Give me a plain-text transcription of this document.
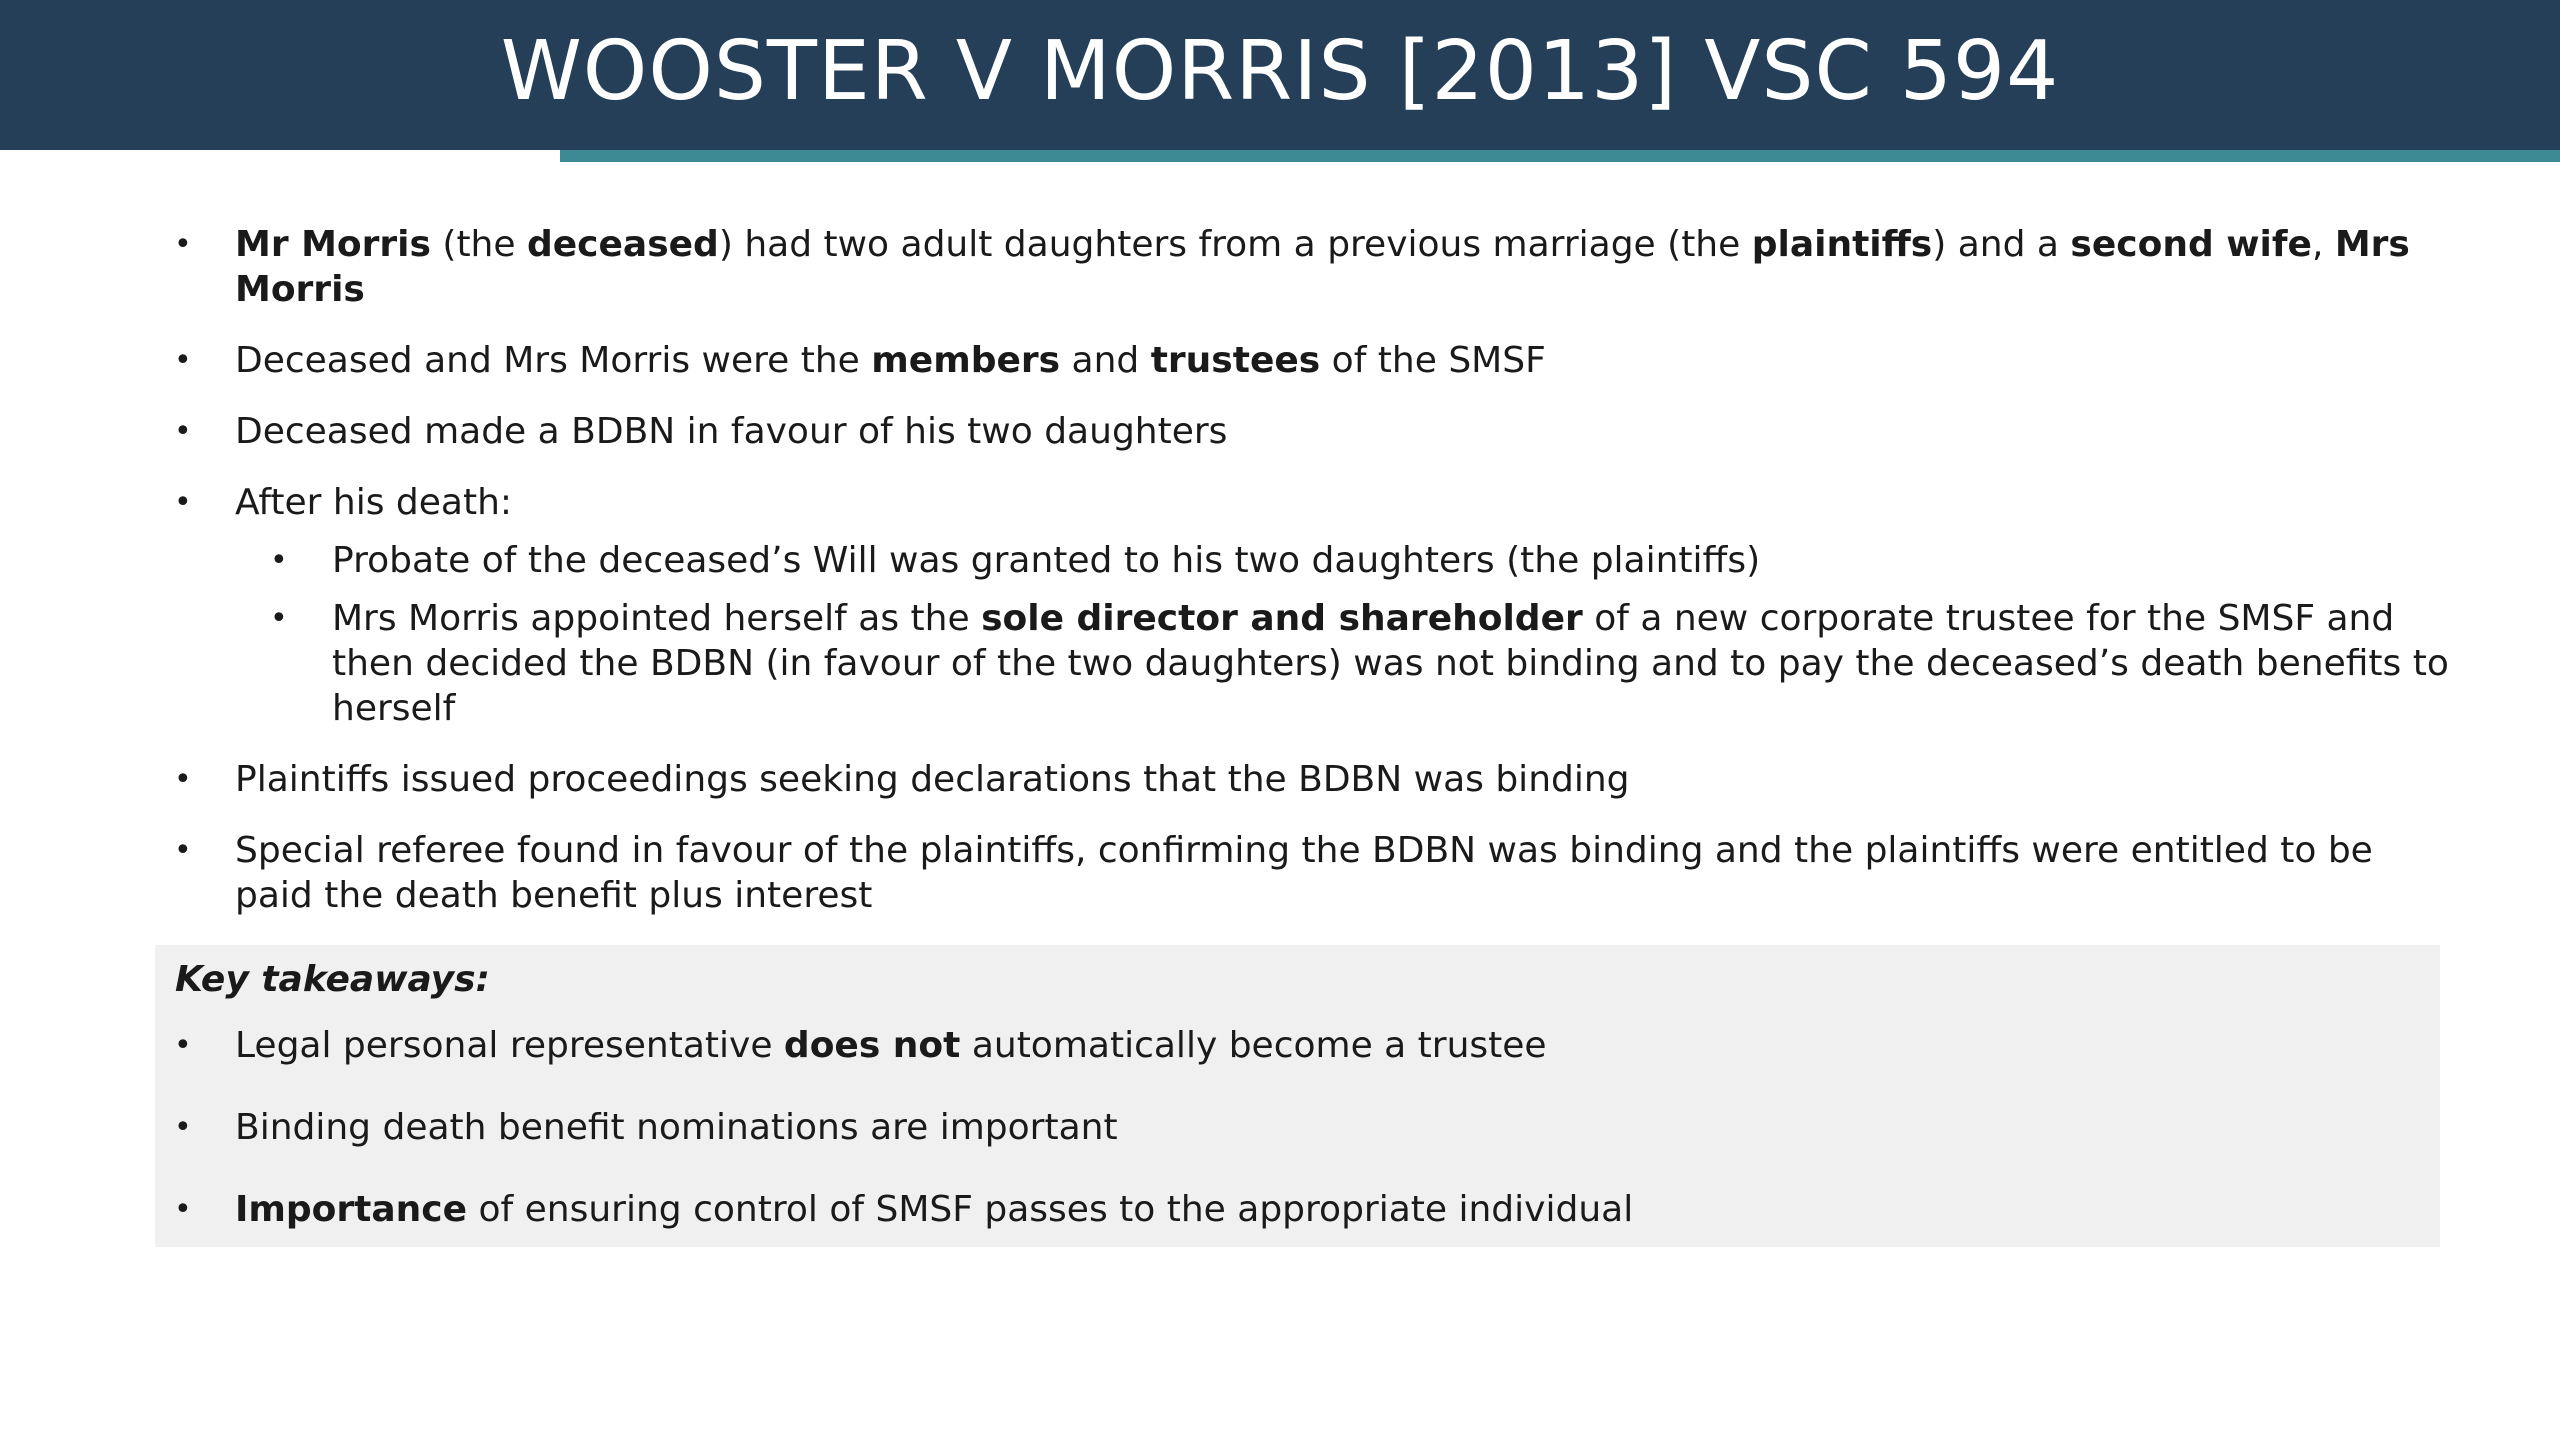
WOOSTER V MORRIS [2013] VSC 594
• Mr Morris (the deceased) had two adult daughters from a previous marriage (the plaintiffs) and a second wife, Mrs Morris
• Deceased and Mrs Morris were the members and trustees of the SMSF
• Deceased made a BDBN in favour of his two daughters
• After his death:
• Probate of the deceased’s Will was granted to his two daughters (the plaintiffs)
• Mrs Morris appointed herself as the sole director and shareholder of a new corporate trustee for the SMSF and then decided the BDBN (in favour of the two daughters) was not binding and to pay the deceased’s death benefits to herself
• Plaintiffs issued proceedings seeking declarations that the BDBN was binding
• Special referee found in favour of the plaintiffs, confirming the BDBN was binding and the plaintiffs were entitled to be paid the death benefit plus interest
Key takeaways:
• Legal personal representative does not automatically become a trustee
• Binding death benefit nominations are important
• Importance of ensuring control of SMSF passes to the appropriate individual
